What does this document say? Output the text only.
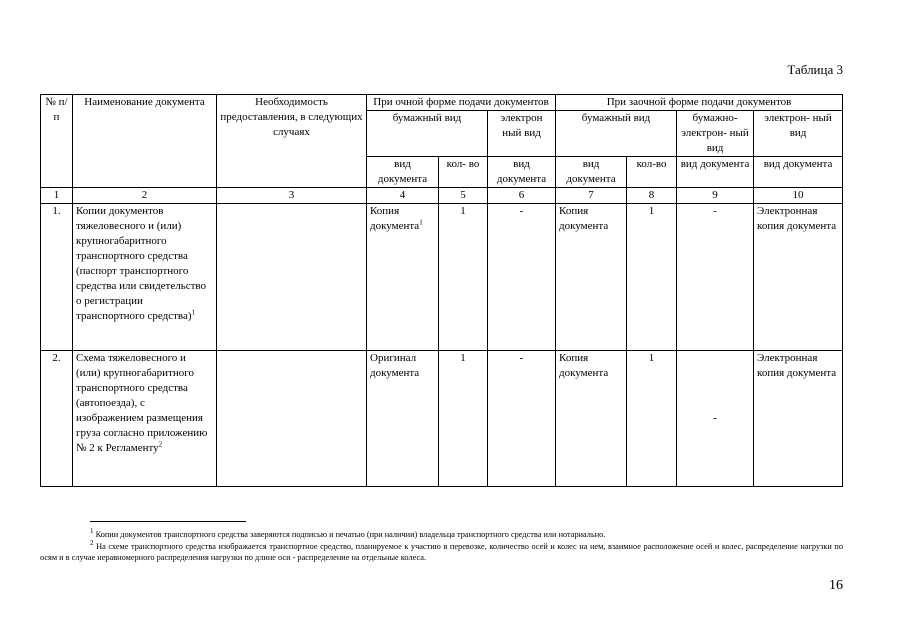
Таблица 3
№ п/п	Наименование документа	Необходимость предоставления, в следующих случаях	При очной форме подачи документов			При заочной форме подачи документов			
			бумажный вид		электрон ный вид	бумажный вид		бумажно- электрон- ный вид	электрон- ный вид
			вид документа	кол- во	вид документа	вид документа	кол-во	вид документа	вид документа
1	2	3	4	5	6	7	8	9	10
1.	Копии документов тяжеловесного и (или) крупногабаритного транспортного средства (паспорт транспортного средства или свидетельство о регистрации транспортного средства)$^1$		Копия документа$^1$	1	-	Копия документа	1	-	Электронная копия документа
2.	Схема тяжеловесного и (или) крупногабаритного транспортного средства (автопоезда), с изображением размещения груза согласно приложению № 2 к Регламенту$^2$		Оригинал документа	1	-	Копия документа	1	-	Электронная копия документа

$^1$ Копии документов транспортного средства заверяются подписью и печатью (при наличии) владельца транспортного средства или нотариально.

$^2$ На схеме транспортного средства изображается транспортное средство, планируемое к участию в перевозке, количество осей и колес на нем, взаимное расположение осей и колес, распределение нагрузки по осям и в случае неравномерного распределения нагрузки по длине оси - распределение на отдельные колеса.

16
